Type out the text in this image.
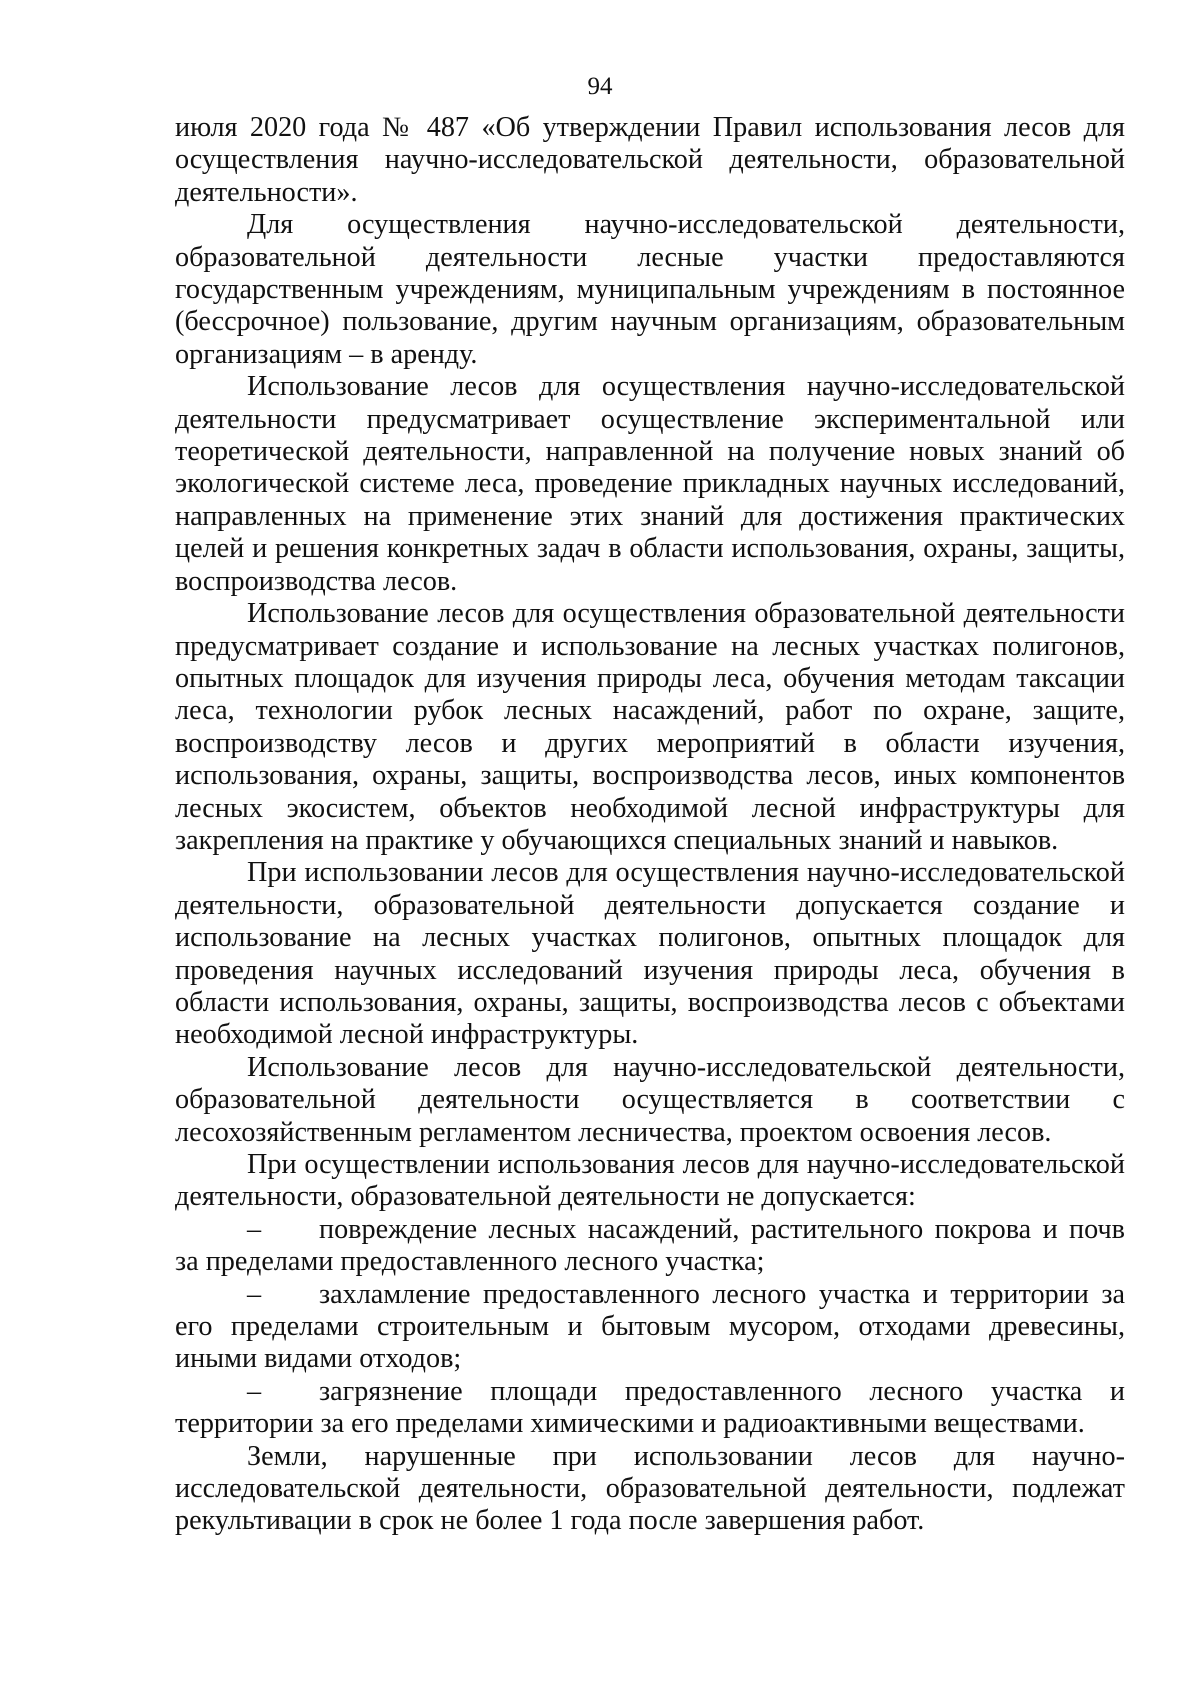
94

июля 2020 года № 487 «Об утверждении Правил использования лесов для осуществления научно-исследовательской деятельности, образовательной деятельности».

Для осуществления научно-исследовательской деятельности, образовательной деятельности лесные участки предоставляются государственным учреждениям, муниципальным учреждениям в постоянное (бессрочное) пользование, другим научным организациям, образовательным организациям – в аренду.

Использование лесов для осуществления научно-исследовательской деятельности предусматривает осуществление экспериментальной или теоретической деятельности, направленной на получение новых знаний об экологической системе леса, проведение прикладных научных исследований, направленных на применение этих знаний для достижения практических целей и решения конкретных задач в области использования, охраны, защиты, воспроизводства лесов.

Использование лесов для осуществления образовательной деятельности предусматривает создание и использование на лесных участках полигонов, опытных площадок для изучения природы леса, обучения методам таксации леса, технологии рубок лесных насаждений, работ по охране, защите, воспроизводству лесов и других мероприятий в области изучения, использования, охраны, защиты, воспроизводства лесов, иных компонентов лесных экосистем, объектов необходимой лесной инфраструктуры для закрепления на практике у обучающихся специальных знаний и навыков.

При использовании лесов для осуществления научно-исследовательской деятельности, образовательной деятельности допускается создание и использование на лесных участках полигонов, опытных площадок для проведения научных исследований изучения природы леса, обучения в области использования, охраны, защиты, воспроизводства лесов с объектами необходимой лесной инфраструктуры.

Использование лесов для научно-исследовательской деятельности, образовательной деятельности осуществляется в соответствии с лесохозяйственным регламентом лесничества, проектом освоения лесов.

При осуществлении использования лесов для научно-исследовательской деятельности, образовательной деятельности не допускается:

– повреждение лесных насаждений, растительного покрова и почв за пределами предоставленного лесного участка;

– захламление предоставленного лесного участка и территории за его пределами строительным и бытовым мусором, отходами древесины, иными видами отходов;

– загрязнение площади предоставленного лесного участка и территории за его пределами химическими и радиоактивными веществами.

Земли, нарушенные при использовании лесов для научно-исследовательской деятельности, образовательной деятельности, подлежат рекультивации в срок не более 1 года после завершения работ.
